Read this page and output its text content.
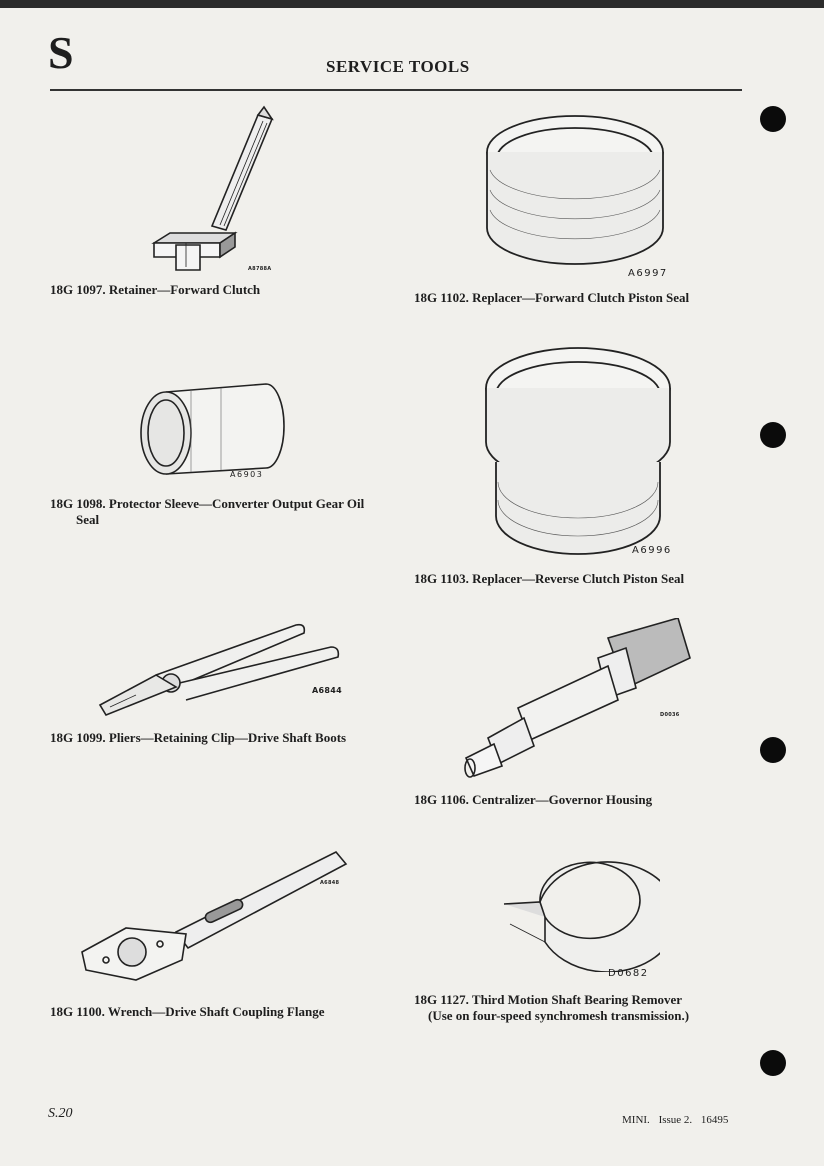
S	SERVICE TOOLS
A8788A
18G 1097. Retainer—Forward Clutch
A6997
18G 1102. Replacer—Forward Clutch Piston Seal
A6903
18G 1098. Protector Sleeve—Converter Output Gear Oil
Seal
A6996
18G 1103. Replacer—Reverse Clutch Piston Seal
A6844
18G 1099. Pliers—Retaining Clip—Drive Shaft Boots
D0036
18G 1106. Centralizer—Governor Housing
A6848
18G 1100. Wrench—Drive Shaft Coupling Flange
D0682
18G 1127. Third Motion Shaft Bearing Remover
(Use on four-speed synchromesh transmission.)
S.20	MINI. Issue 2. 16495
